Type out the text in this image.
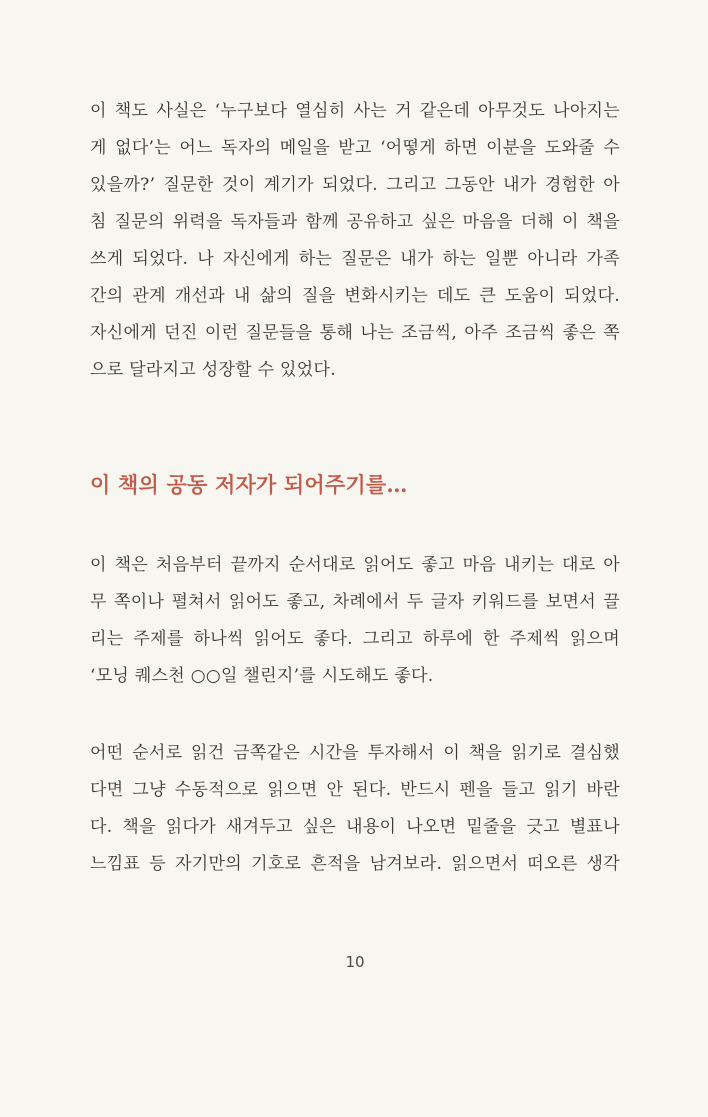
이 책도 사실은 ‘누구보다 열심히 사는 거 같은데 아무것도 나아지는
게 없다’는 어느 독자의 메일을 받고 ‘어떻게 하면 이분을 도와줄 수
있을까?’ 질문한 것이 계기가 되었다. 그리고 그동안 내가 경험한 아
침 질문의 위력을 독자들과 함께 공유하고 싶은 마음을 더해 이 책을
쓰게 되었다. 나 자신에게 하는 질문은 내가 하는 일뿐 아니라 가족
간의 관계 개선과 내 삶의 질을 변화시키는 데도 큰 도움이 되었다.
자신에게 던진 이런 질문들을 통해 나는 조금씩, 아주 조금씩 좋은 쪽
으로 달라지고 성장할 수 있었다.
이 책의 공동 저자가 되어주기를…
이 책은 처음부터 끝까지 순서대로 읽어도 좋고 마음 내키는 대로 아
무 쪽이나 펼쳐서 읽어도 좋고, 차례에서 두 글자 키워드를 보면서 끌
리는 주제를 하나씩 읽어도 좋다. 그리고 하루에 한 주제씩 읽으며
‘모닝 퀘스천 ○○일 챌린지’를 시도해도 좋다.
어떤 순서로 읽건 금쪽같은 시간을 투자해서 이 책을 읽기로 결심했
다면 그냥 수동적으로 읽으면 안 된다. 반드시 펜을 들고 읽기 바란
다. 책을 읽다가 새겨두고 싶은 내용이 나오면 밑줄을 긋고 별표나
느낌표 등 자기만의 기호로 흔적을 남겨보라. 읽으면서 떠오른 생각
10
